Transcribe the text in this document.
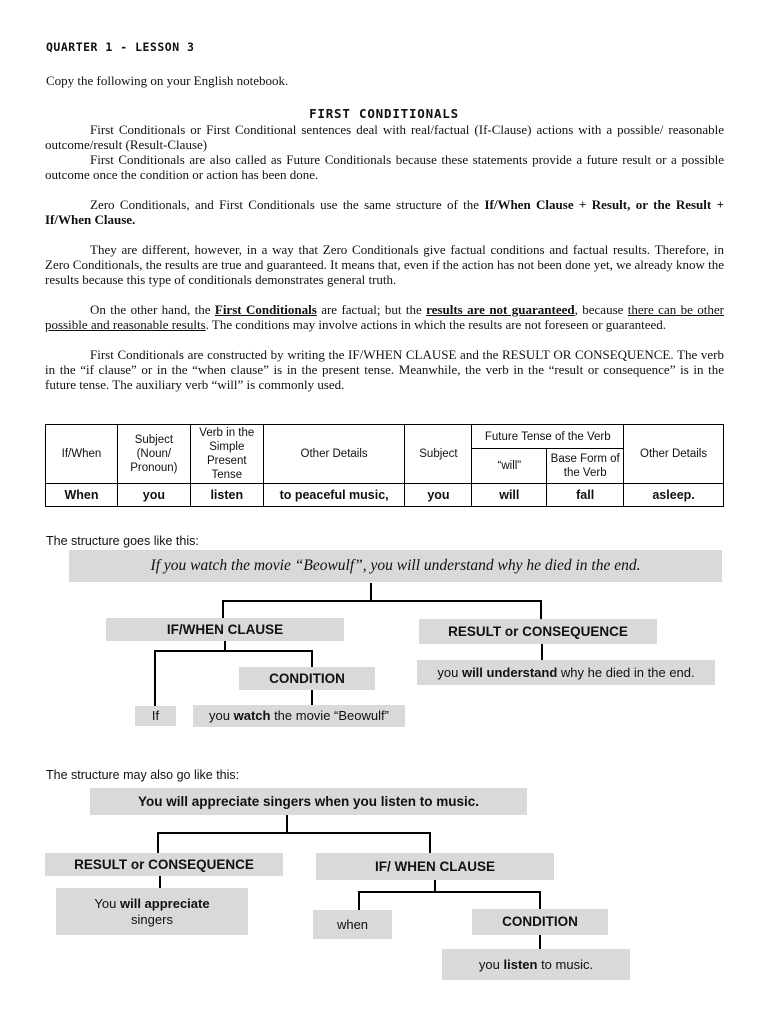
QUARTER 1 - LESSON 3
Copy the following on your English notebook.
FIRST CONDITIONALS

First Conditionals or First Conditional sentences deal with real/factual (If-Clause) actions with a possible/ reasonable outcome/result (Result-Clause)

First Conditionals are also called as Future Conditionals because these statements provide a future result or a possible outcome once the condition or action has been done.

Zero Conditionals, and First Conditionals use the same structure of the If/When Clause + Result, or the Result + If/When Clause.

They are different, however, in a way that Zero Conditionals give factual conditions and factual results. Therefore, in Zero Conditionals, the results are true and guaranteed. It means that, even if the action has not been done yet, we already know the results because this type of conditionals demonstrates general truth.

On the other hand, the First Conditionals are factual; but the results are not guaranteed, because there can be other possible and reasonable results. The conditions may involve actions in which the results are not foreseen or guaranteed.

First Conditionals are constructed by writing the IF/WHEN CLAUSE and the RESULT OR CONSEQUENCE. The verb in the “if clause” or in the “when clause” is in the present tense. Meanwhile, the verb in the “result or consequence” is in the future tense. The auxiliary verb “will” is commonly used.

If/When	Subject (Noun/ Pronoun)	Verb in the Simple Present Tense	Other Details	Subject	Future Tense of the Verb		Other Details
					“will”	Base Form of the Verb	
When	you	listen	to peaceful music,	you	will	fall	asleep.
The structure goes like this:
If you watch the movie “Beowulf”, you will understand why he died in the end.
IF/WHEN CLAUSE	RESULT or CONSEQUENCE
you will understand why he died in the end.
CONDITION
If	you watch the movie “Beowulf”
The structure may also go like this:
You will appreciate singers when you listen to music.
RESULT or CONSEQUENCE	IF/ WHEN CLAUSE
You will appreciate
singers	when	CONDITION
you listen to music.
